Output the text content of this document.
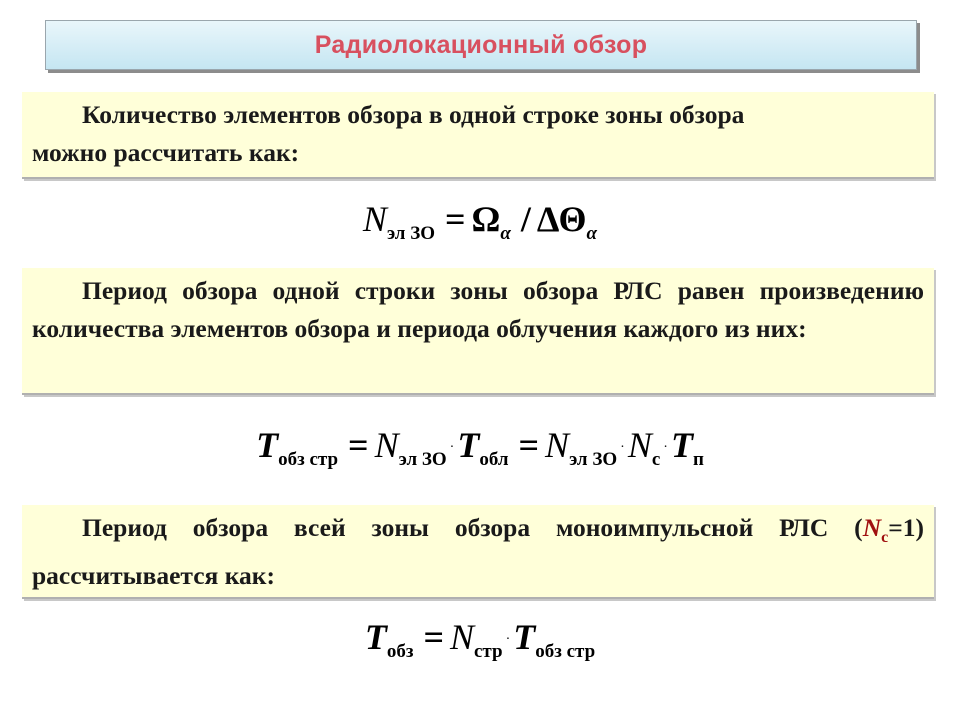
Радиолокационный обзор
Количество элементов обзора в одной строке зоны обзора
можно рассчитать как:
Nэл ЗО = Ωα / ΔΘα
Период обзора одной строки зоны обзора РЛС равен произведению количества элементов обзора и периода облучения каждого из них:
Tобз стр = Nэл ЗО·Tобл = Nэл ЗО·Nс·Tп
Период обзора всей зоны обзора моноимпульсной РЛС $(N_с=1)$ рассчитывается как:
Tобз = Nстр·Tобз стр
